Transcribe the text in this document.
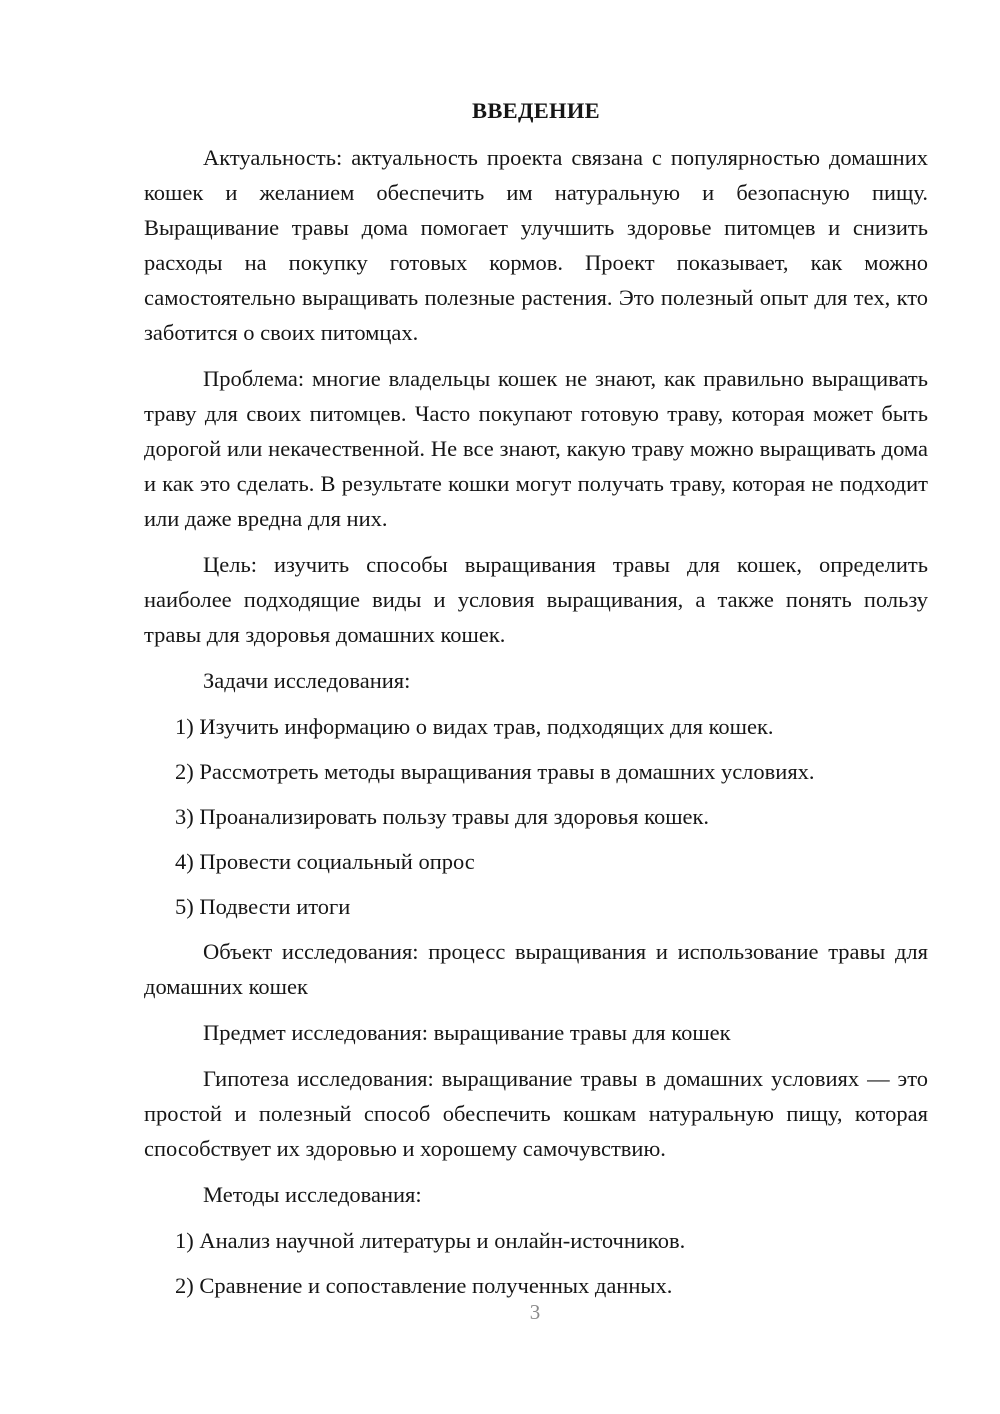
ВВЕДЕНИЕ

Актуальность: актуальность проекта связана с популярностью домашних кошек и желанием обеспечить им натуральную и безопасную пищу. Выращивание травы дома помогает улучшить здоровье питомцев и снизить расходы на покупку готовых кормов. Проект показывает, как можно самостоятельно выращивать полезные растения. Это полезный опыт для тех, кто заботится о своих питомцах.

Проблема: многие владельцы кошек не знают, как правильно выращивать траву для своих питомцев. Часто покупают готовую траву, которая может быть дорогой или некачественной. Не все знают, какую траву можно выращивать дома и как это сделать. В результате кошки могут получать траву, которая не подходит или даже вредна для них.

Цель: изучить способы выращивания травы для кошек, определить наиболее подходящие виды и условия выращивания, а также понять пользу травы для здоровья домашних кошек.

Задачи исследования:

1) Изучить информацию о видах трав, подходящих для кошек.

2) Рассмотреть методы выращивания травы в домашних условиях.

3) Проанализировать пользу травы для здоровья кошек.

4) Провести социальный опрос

5) Подвести итоги

Объект исследования: процесс выращивания и использование травы для домашних кошек

Предмет исследования: выращивание травы для кошек

Гипотеза исследования: выращивание травы в домашних условиях — это простой и полезный способ обеспечить кошкам натуральную пищу, которая способствует их здоровью и хорошему самочувствию.

Методы исследования:

1) Анализ научной литературы и онлайн-источников.

2) Сравнение и сопоставление полученных данных.

3
